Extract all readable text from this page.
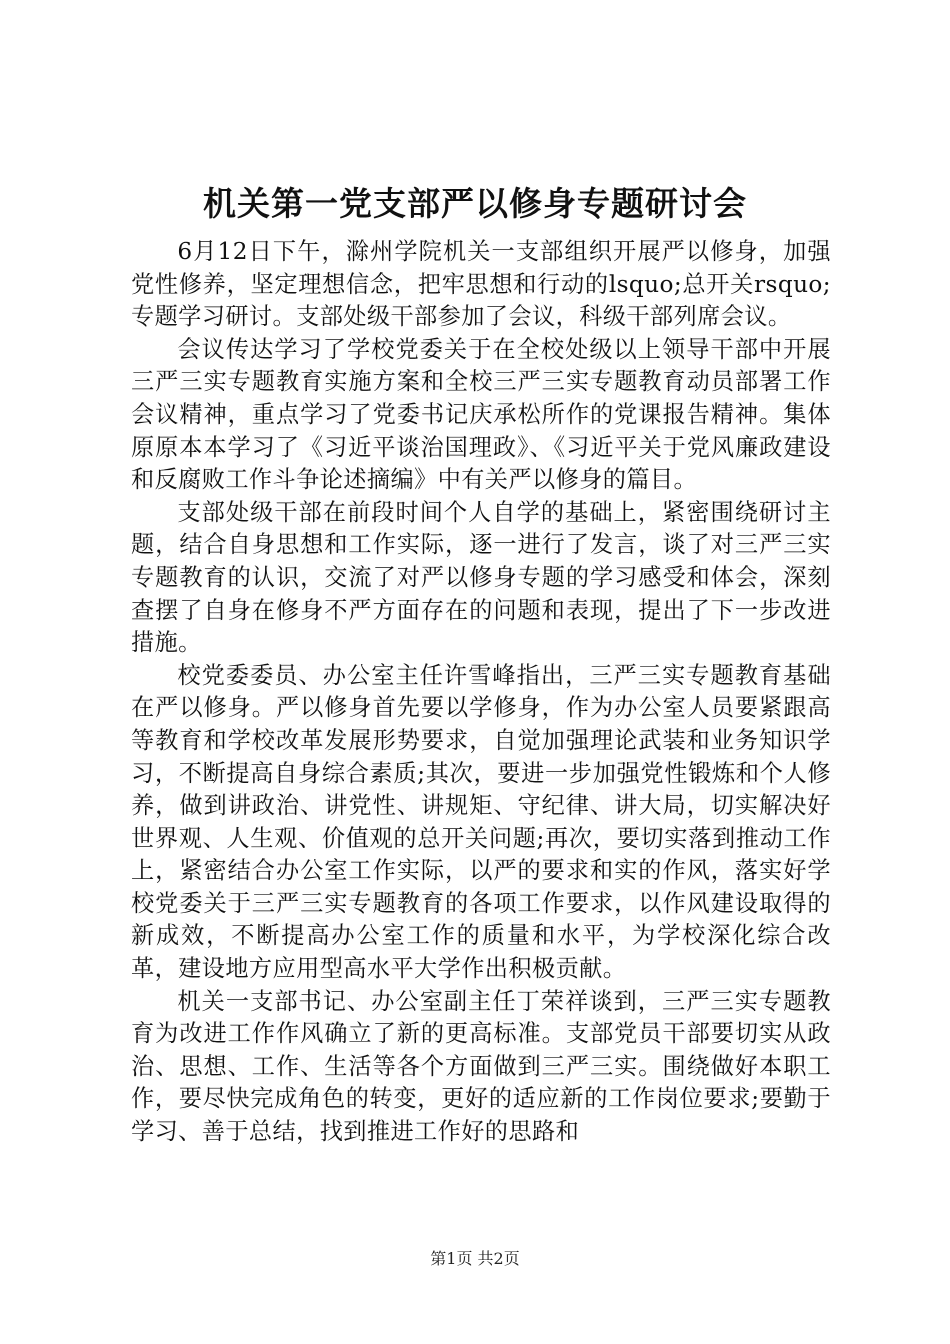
机关第一党支部严以修身专题研讨会

6月12日下午，滁州学院机关一支部组织开展严以修身，加强党性修养，坚定理想信念，把牢思想和行动的lsquo;总开关rsquo;专题学习研讨。支部处级干部参加了会议，科级干部列席会议。

会议传达学习了学校党委关于在全校处级以上领导干部中开展三严三实专题教育实施方案和全校三严三实专题教育动员部署工作会议精神，重点学习了党委书记庆承松所作的党课报告精神。集体原原本本学习了《习近平谈治国理政》、《习近平关于党风廉政建设和反腐败工作斗争论述摘编》中有关严以修身的篇目。

支部处级干部在前段时间个人自学的基础上，紧密围绕研讨主题，结合自身思想和工作实际，逐一进行了发言，谈了对三严三实专题教育的认识，交流了对严以修身专题的学习感受和体会，深刻查摆了自身在修身不严方面存在的问题和表现，提出了下一步改进措施。

校党委委员、办公室主任许雪峰指出，三严三实专题教育基础在严以修身。严以修身首先要以学修身，作为办公室人员要紧跟高等教育和学校改革发展形势要求，自觉加强理论武装和业务知识学习，不断提高自身综合素质;其次，要进一步加强党性锻炼和个人修养，做到讲政治、讲党性、讲规矩、守纪律、讲大局，切实解决好世界观、人生观、价值观的总开关问题;再次，要切实落到推动工作上，紧密结合办公室工作实际，以严的要求和实的作风，落实好学校党委关于三严三实专题教育的各项工作要求，以作风建设取得的新成效，不断提高办公室工作的质量和水平，为学校深化综合改革，建设地方应用型高水平大学作出积极贡献。

机关一支部书记、办公室副主任丁荣祥谈到，三严三实专题教育为改进工作作风确立了新的更高标准。支部党员干部要切实从政治、思想、工作、生活等各个方面做到三严三实。围绕做好本职工作，要尽快完成角色的转变，更好的适应新的工作岗位要求;要勤于学习、善于总结，找到推进工作好的思路和

第1页 共2页
